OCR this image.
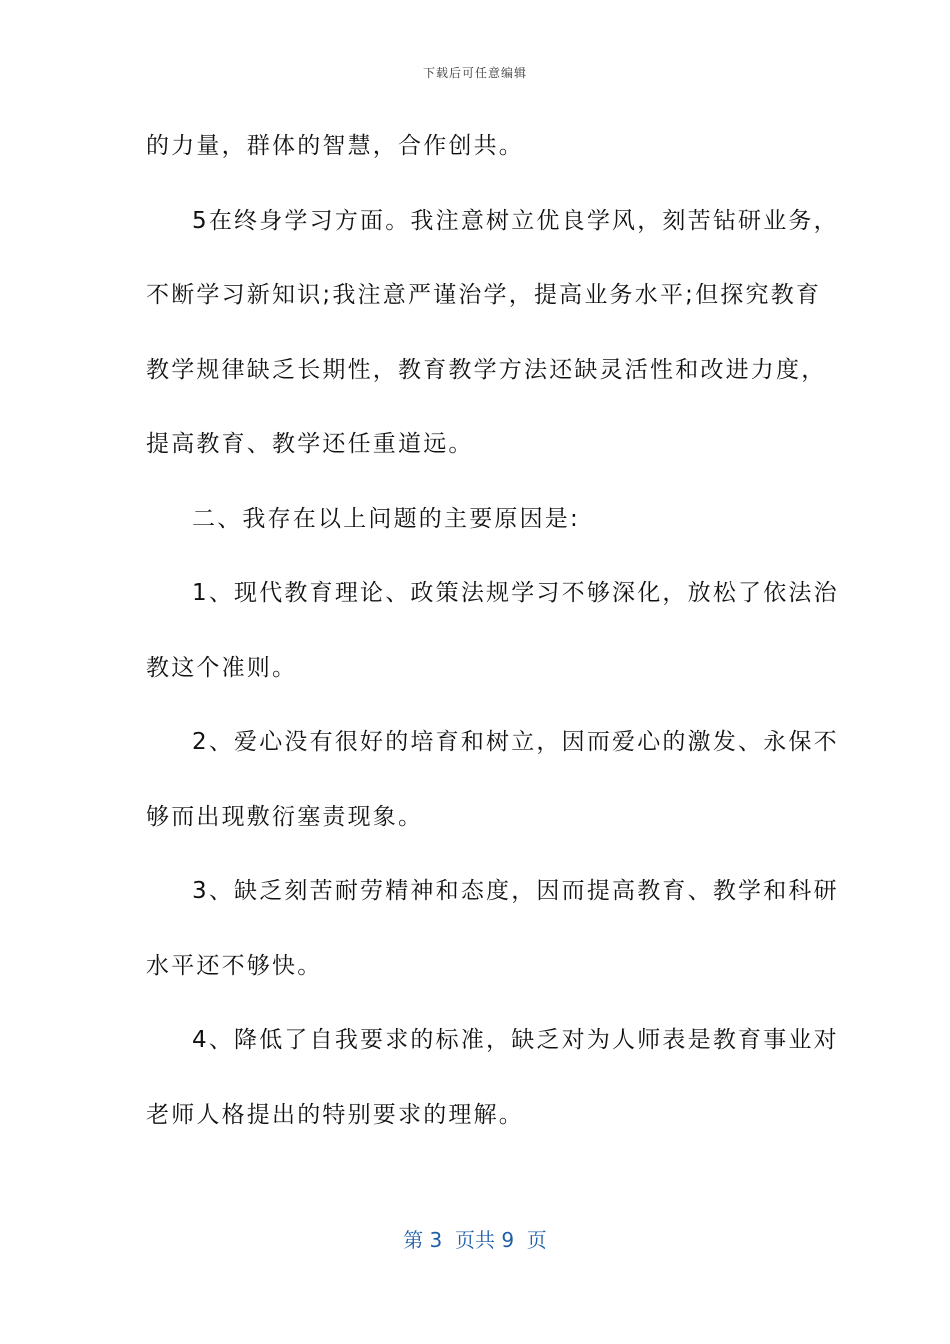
下载后可任意编辑
的力量，群体的智慧，合作创共。
5在终身学习方面。我注意树立优良学风，刻苦钻研业务，
不断学习新知识;我注意严谨治学，提高业务水平;但探究教育
教学规律缺乏长期性，教育教学方法还缺灵活性和改进力度，
提高教育、教学还任重道远。
二、我存在以上问题的主要原因是:
1、现代教育理论、政策法规学习不够深化，放松了依法治
教这个准则。
2、爱心没有很好的培育和树立，因而爱心的激发、永保不
够而出现敷衍塞责现象。
3、缺乏刻苦耐劳精神和态度，因而提高教育、教学和科研
水平还不够快。
4、降低了自我要求的标准，缺乏对为人师表是教育事业对
老师人格提出的特别要求的理解。
第 3  页共 9  页
